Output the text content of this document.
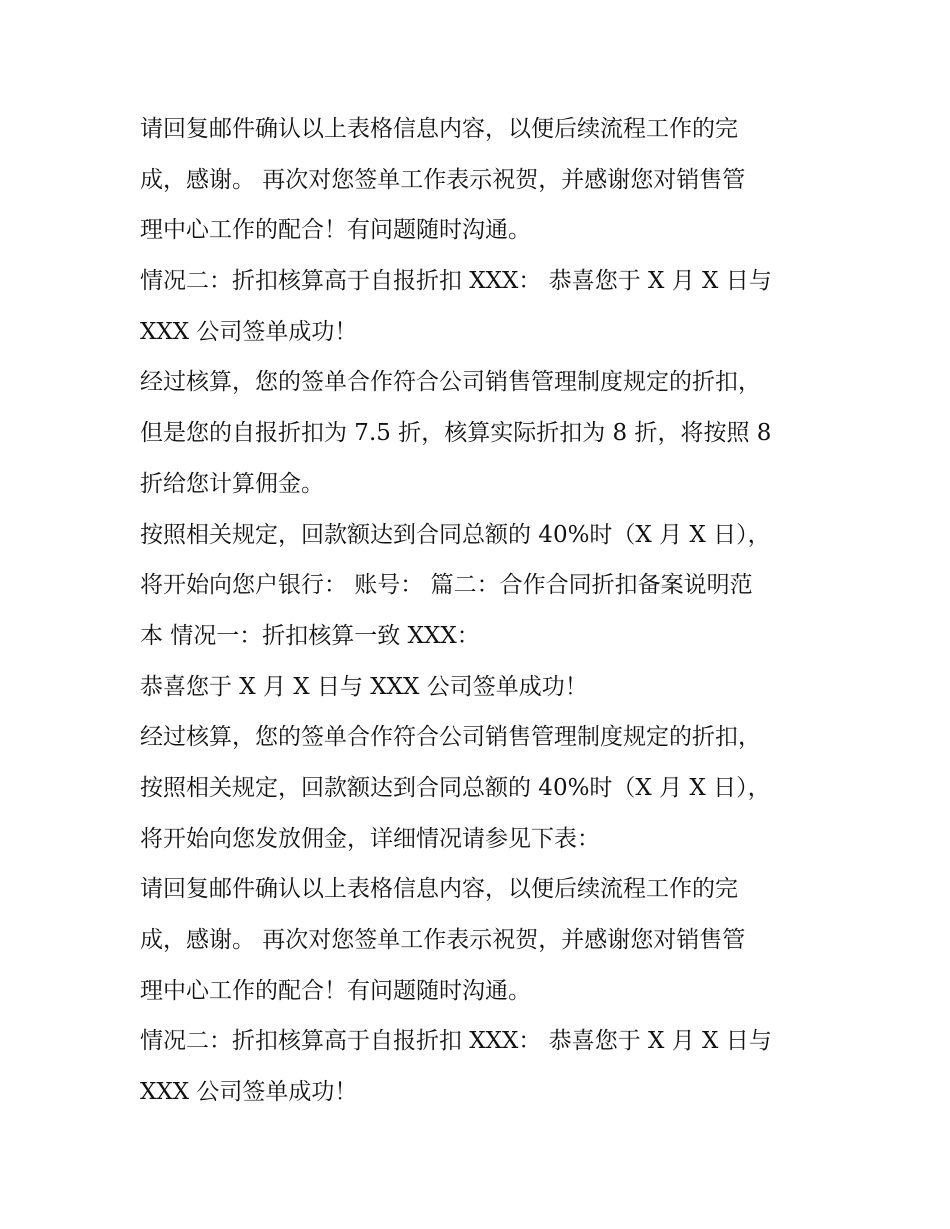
请回复邮件确认以上表格信息内容，以便后续流程工作的完
成，感谢。 再次对您签单工作表示祝贺，并感谢您对销售管
理中心工作的配合！有问题随时沟通。
情况二：折扣核算高于自报折扣 XXX： 恭喜您于 X 月 X 日与
XXX 公司签单成功！
经过核算，您的签单合作符合公司销售管理制度规定的折扣，
但是您的自报折扣为 7.5 折，核算实际折扣为 8 折，将按照 8
折给您计算佣金。
按照相关规定，回款额达到合同总额的 40%时（X 月 X 日），
将开始向您户银行： 账号： 篇二：合作合同折扣备案说明范
本 情况一：折扣核算一致 XXX：
恭喜您于 X 月 X 日与 XXX 公司签单成功！
经过核算，您的签单合作符合公司销售管理制度规定的折扣，
按照相关规定，回款额达到合同总额的 40%时（X 月 X 日），
将开始向您发放佣金，详细情况请参见下表：
请回复邮件确认以上表格信息内容，以便后续流程工作的完
成，感谢。 再次对您签单工作表示祝贺，并感谢您对销售管
理中心工作的配合！有问题随时沟通。
情况二：折扣核算高于自报折扣 XXX： 恭喜您于 X 月 X 日与
XXX 公司签单成功！
